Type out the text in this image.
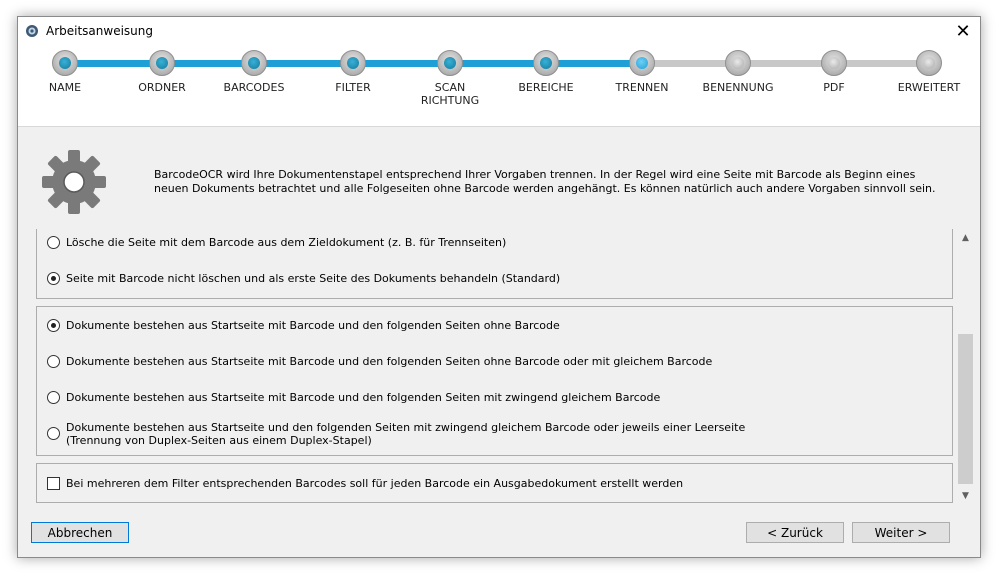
Arbeitsanweisung	✕
NAME	ORDNER	BARCODES	FILTER	SCAN
RICHTUNG
BEREICHE	TRENNEN	BENENNUNG	PDF	ERWEITERT
BarcodeOCR wird Ihre Dokumentenstapel entsprechend Ihrer Vorgaben trennen. In der Regel wird eine Seite mit Barcode als Beginn eines
neuen Dokuments betrachtet und alle Folgeseiten ohne Barcode werden angehängt. Es können natürlich auch andere Vorgaben sinnvoll sein.
Lösche die Seite mit dem Barcode aus dem Zieldokument (z. B. für Trennseiten)
Seite mit Barcode nicht löschen und als erste Seite des Dokuments behandeln (Standard)
Dokumente bestehen aus Startseite mit Barcode und den folgenden Seiten ohne Barcode
Dokumente bestehen aus Startseite mit Barcode und den folgenden Seiten ohne Barcode oder mit gleichem Barcode
Dokumente bestehen aus Startseite mit Barcode und den folgenden Seiten mit zwingend gleichem Barcode
Dokumente bestehen aus Startseite und den folgenden Seiten mit zwingend gleichem Barcode oder jeweils einer Leerseite
(Trennung von Duplex-Seiten aus einem Duplex-Stapel)
Bei mehreren dem Filter entsprechenden Barcodes soll für jeden Barcode ein Ausgabedokument erstellt werden
▲
▼
Abbrechen	< Zurück	Weiter >
